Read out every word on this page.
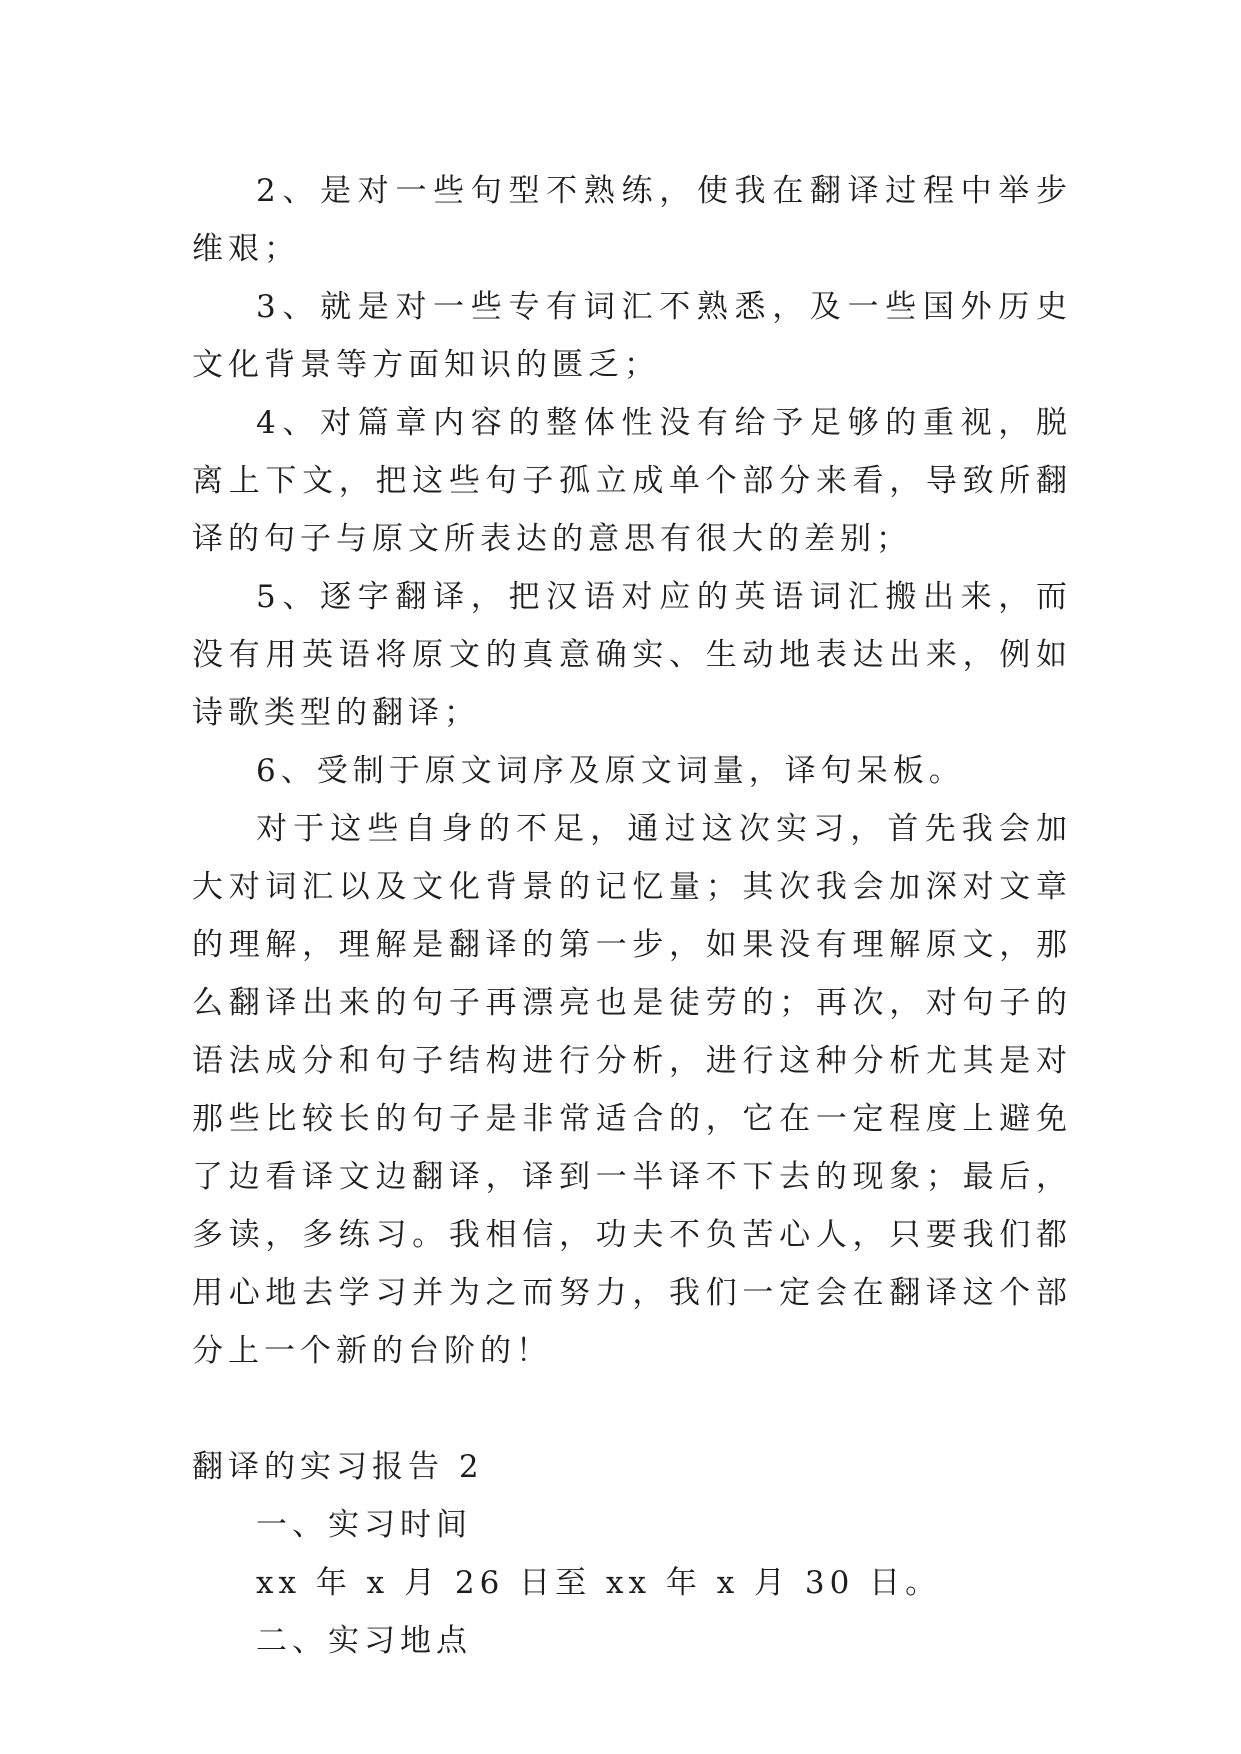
2、是对一些句型不熟练，使我在翻译过程中举步维艰；

3、就是对一些专有词汇不熟悉，及一些国外历史文化背景等方面知识的匮乏；

4、对篇章内容的整体性没有给予足够的重视，脱离上下文，把这些句子孤立成单个部分来看，导致所翻译的句子与原文所表达的意思有很大的差别；

5、逐字翻译，把汉语对应的英语词汇搬出来，而没有用英语将原文的真意确实、生动地表达出来，例如诗歌类型的翻译；

6、受制于原文词序及原文词量，译句呆板。

对于这些自身的不足，通过这次实习，首先我会加大对词汇以及文化背景的记忆量；其次我会加深对文章的理解，理解是翻译的第一步，如果没有理解原文，那么翻译出来的句子再漂亮也是徒劳的；再次，对句子的语法成分和句子结构进行分析，进行这种分析尤其是对那些比较长的句子是非常适合的，它在一定程度上避免了边看译文边翻译，译到一半译不下去的现象；最后，多读，多练习。我相信，功夫不负苦心人，只要我们都用心地去学习并为之而努力，我们一定会在翻译这个部分上一个新的台阶的！

翻译的实习报告 2

一、实习时间

xx 年 x 月 26 日至 xx 年 x 月 30 日。

二、实习地点
